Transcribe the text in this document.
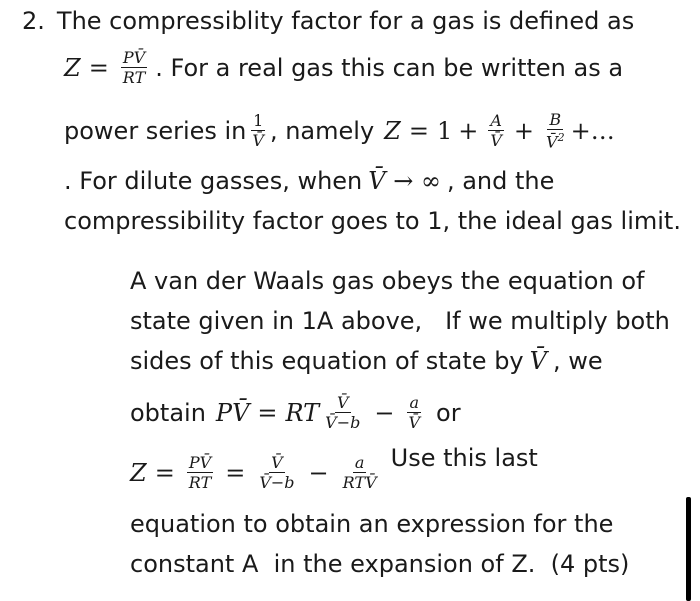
2. The compressiblity factor for a gas is defined as
$Z = \frac{PV̄}{RT}$ . For a real gas this can be written as a
power series in $\frac{1}{V̄}$ , namely $Z = 1 + \frac{A}{V̄} + \frac{B}{V̄^2}$ +…
. For dilute gasses, when V̄ → ∞ , and the
compressibility factor goes to 1, the ideal gas limit.
A van der Waals gas obeys the equation of
state given in 1A above,   If we multiply both
sides of this equation of state by V̄ , we
obtain PV̄ = RT $\frac{V̄}{V̄-b} - \frac{a}{V̄}$ or
$Z = \frac{PV̄}{RT} = \frac{V̄}{V̄-b} - \frac{a}{\text{RTV̄}}$ Use this last
equation to obtain an expression for the
constant A  in the expansion of Z.  (4 pts)
